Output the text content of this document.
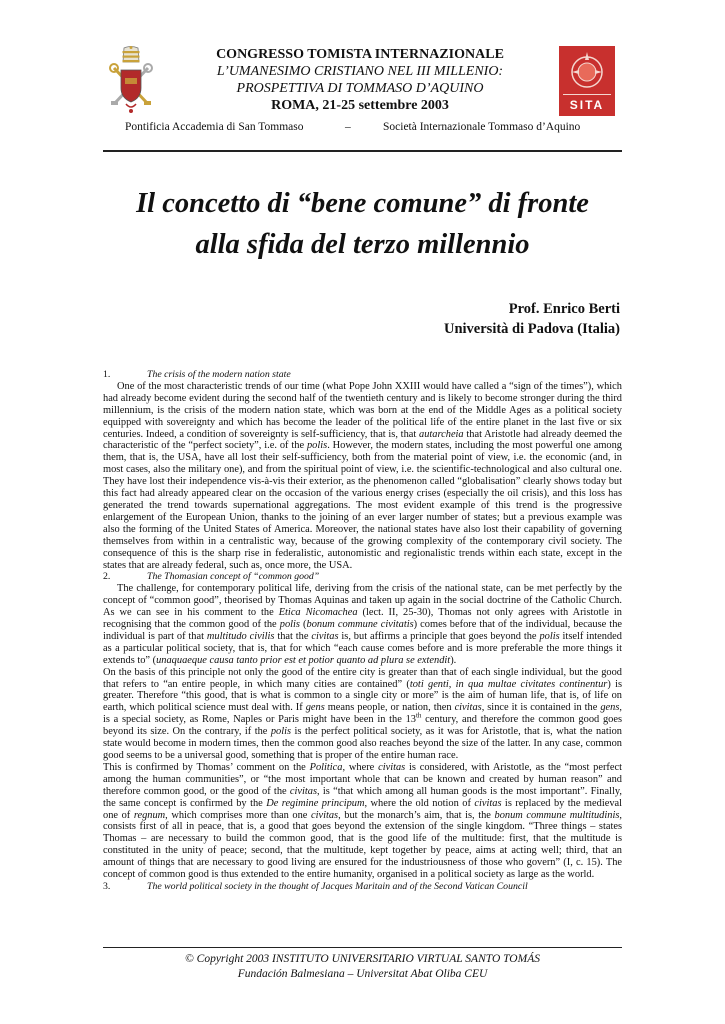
CONGRESSO TOMISTA INTERNAZIONALE
L’UMANESIMO CRISTIANO NEL III MILLENIO:
PROSPETTIVA DI TOMMASO D’AQUINO
ROMA, 21-25 settembre 2003	SITA
Pontificia Accademia di San Tommaso	–	Società Internazionale Tommaso d’Aquino
Il concetto di “bene comune” di fronte
alla sfida del terzo millennio
Prof. Enrico Berti
Università di Padova (Italia)
1.	The crisis of the modern nation state

One of the most characteristic trends of our time (what Pope John XXIII would have called a “sign of the times”), which had already become evident during the second half of the twentieth century and is likely to become stronger during the third millennium, is the crisis of the modern nation state, which was born at the end of the Middle Ages as a political society equipped with sovereignty and which has become the leader of the political life of the entire planet in the last five or six centuries. Indeed, a condition of sovereignty is self-sufficiency, that is, that autarcheia that Aristotle had already deemed the characteristic of the “perfect society”, i.e. of the polis. However, the modern states, including the most powerful one among them, that is, the USA, have all lost their self-sufficiency, both from the material point of view, i.e. the economic (and, in most cases, also the military one), and from the spiritual point of view, i.e. the scientific-technological and also cultural one. They have lost their independence vis-à-vis their exterior, as the phenomenon called “globalisation” clearly shows today but this fact had already appeared clear on the occasion of the various energy crises (especially the oil crisis), and this loss has generated the trend towards supernational aggregations. The most evident example of this trend is the progressive enlargement of the European Union, thanks to the joining of an ever larger number of states; but a previous example was also the forming of the United States of America. Moreover, the national states have also lost their capability of governing themselves from within in a centralistic way, because of the growing complexity of the contemporary civil society. The consequence of this is the sharp rise in federalistic, autonomistic and regionalistic trends within each state, except in the states that are already federal, such as, once more, the USA.

2.	The Thomasian concept of “common good”

The challenge, for contemporary political life, deriving from the crisis of the national state, can be met perfectly by the concept of “common good”, theorised by Thomas Aquinas and taken up again in the social doctrine of the Catholic Church. As we can see in his comment to the Etica Nicomachea (lect. II, 25-30), Thomas not only agrees with Aristotle in recognising that the common good of the polis (bonum commune civitatis) comes before that of the individual, because the individual is part of that multitudo civilis that the civitas is, but affirms a principle that goes beyond the polis itself intended as a particular political society, that is, that for which “each cause comes before and is more preferable the more things it extends to” (unaquaeque causa tanto prior est et potior quanto ad plura se extendit).

On the basis of this principle not only the good of the entire city is greater than that of each single individual, but the good that refers to “an entire people, in which many cities are contained” (toti genti, in qua multae civitates continentur) is greater. Therefore “this good, that is what is common to a single city or more” is the aim of human life, that is, of life on earth, which political science must deal with. If gens means people, or nation, then civitas, since it is contained in the gens, is a special society, as Rome, Naples or Paris might have been in the 13th century, and therefore the common good goes beyond its size. On the contrary, if the polis is the perfect political society, as it was for Aristotle, that is, what the nation state would become in modern times, then the common good also reaches beyond the size of the latter. In any case, common good seems to be a universal good, something that is proper of the entire human race.

This is confirmed by Thomas’ comment on the Politica, where civitas is considered, with Aristotle, as the “most perfect among the human communities”, or “the most important whole that can be known and created by human reason” and therefore common good, or the good of the civitas, is “that which among all human goods is the most important”. Finally, the same concept is confirmed by the De regimine principum, where the old notion of civitas is replaced by the medieval one of regnum, which comprises more than one civitas, but the monarch’s aim, that is, the bonum commune multitudinis, consists first of all in peace, that is, a good that goes beyond the extension of the single kingdom. “Three things – states Thomas – are necessary to build the common good, that is the good life of the multitude: first, that the multitude is constituted in the unity of peace; second, that the multitude, kept together by peace, aims at acting well; third, that an amount of things that are necessary to good living are ensured for the industriousness of those who govern” (I, c. 15). The concept of common good is thus extended to the entire humanity, organised in a political society as large as the world.

3.	The world political society in the thought of Jacques Maritain and of the Second Vatican Council
© Copyright 2003 INSTITUTO UNIVERSITARIO VIRTUAL SANTO TOMÁS
Fundación Balmesiana – Universitat Abat Oliba CEU
